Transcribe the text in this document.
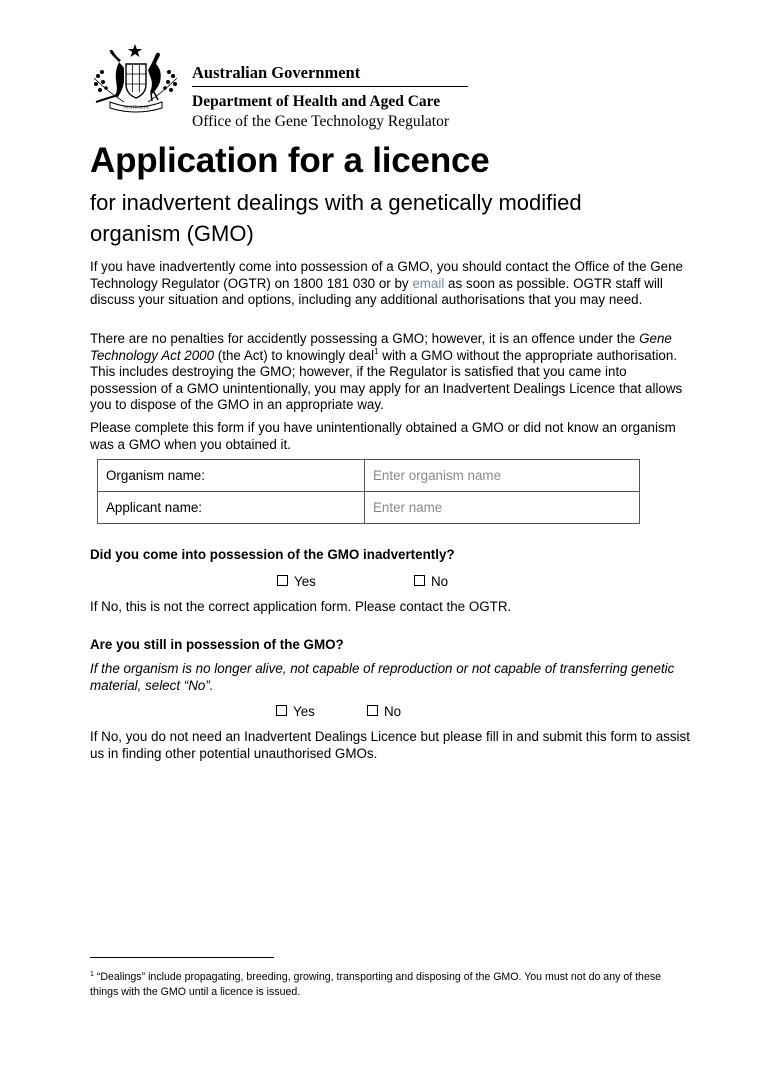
AUSTRALIA
Australian Government
Department of Health and Aged Care
Office of the Gene Technology Regulator
Application for a licence
for inadvertent dealings with a genetically modified organism (GMO)

If you have inadvertently come into possession of a GMO, you should contact the Office of the Gene Technology Regulator (OGTR) on 1800 181 030 or by email as soon as possible. OGTR staff will discuss your situation and options, including any additional authorisations that you may need.

There are no penalties for accidently possessing a GMO; however, it is an offence under the Gene Technology Act 2000 (the Act) to knowingly deal$^1$ with a GMO without the appropriate authorisation. This includes destroying the GMO; however, if the Regulator is satisfied that you came into possession of a GMO unintentionally, you may apply for an Inadvertent Dealings Licence that allows you to dispose of the GMO in an appropriate way.

Please complete this form if you have unintentionally obtained a GMO or did not know an organism was a GMO when you obtained it.

Organism name:	Enter organism name
Applicant name:	Enter name

Did you come into possession of the GMO inadvertently?

Yes	No

If No, this is not the correct application form. Please contact the OGTR.

Are you still in possession of the GMO?

If the organism is no longer alive, not capable of reproduction or not capable of transferring genetic material, select “No”.

Yes	No

If No, you do not need an Inadvertent Dealings Licence but please fill in and submit this form to assist us in finding other potential unauthorised GMOs.

$^1$ “Dealings” include propagating, breeding, growing, transporting and disposing of the GMO. You must not do any of these things with the GMO until a licence is issued.
